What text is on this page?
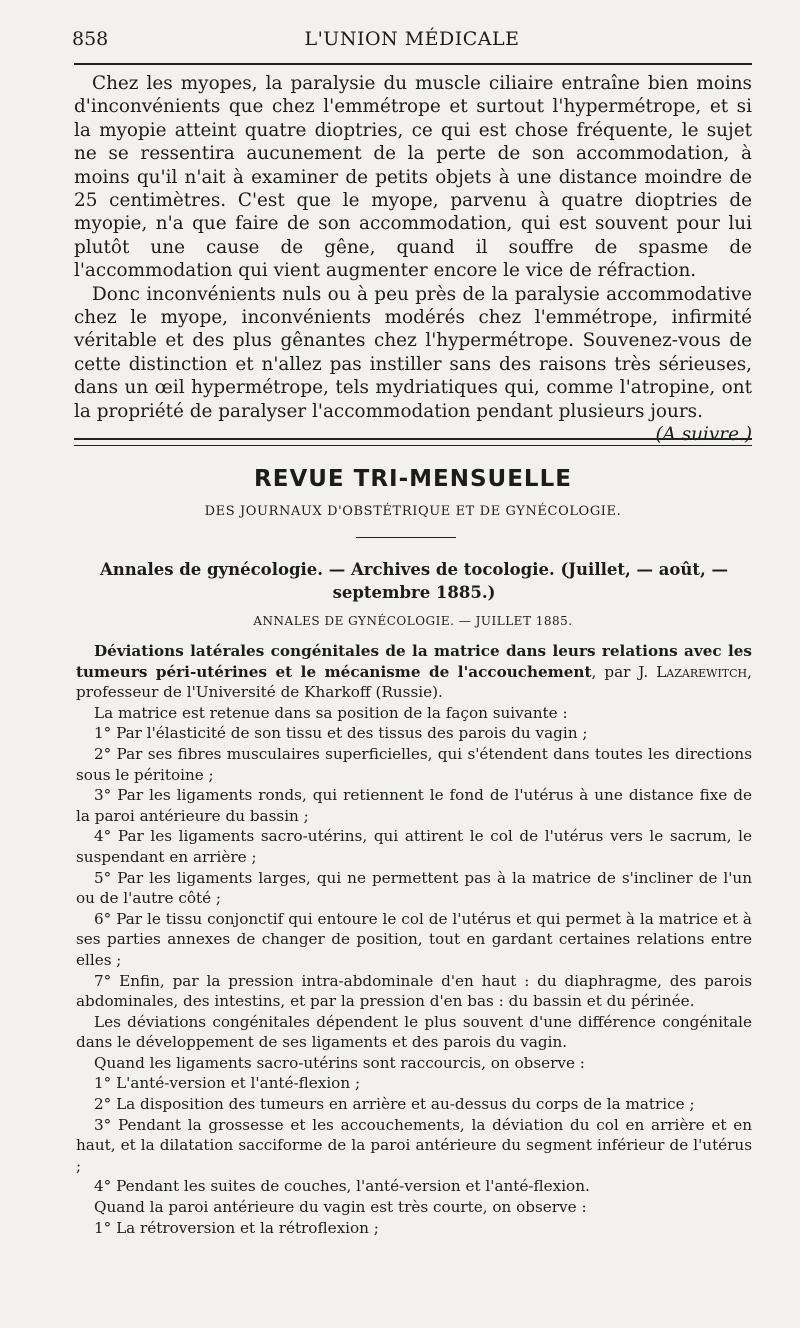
858	L'UNION MÉDICALE

Chez les myopes, la paralysie du muscle ciliaire entraîne bien moins d'inconvénients que chez l'emmétrope et surtout l'hypermétrope, et si la myopie atteint quatre dioptries, ce qui est chose fréquente, le sujet ne se ressentira aucunement de la perte de son accommodation, à moins qu'il n'ait à examiner de petits objets à une distance moindre de 25 centimètres. C'est que le myope, parvenu à quatre dioptries de myopie, n'a que faire de son accommodation, qui est souvent pour lui plutôt une cause de gêne, quand il souffre de spasme de l'accommodation qui vient augmenter encore le vice de réfraction.

Donc inconvénients nuls ou à peu près de la paralysie accommodative chez le myope, inconvénients modérés chez l'emmétrope, infirmité véritable et des plus gênantes chez l'hypermétrope. Souvenez-vous de cette distinction et n'allez pas instiller sans des raisons très sérieuses, dans un œil hypermétrope, tels mydriatiques qui, comme l'atropine, ont la propriété de paralyser l'accommodation pendant plusieurs jours.
(A suivre.)

REVUE TRI-MENSUELLE
DES JOURNAUX D'OBSTÉTRIQUE ET DE GYNÉCOLOGIE.
Annales de gynécologie. — Archives de tocologie. (Juillet, — août, — septembre 1885.)
ANNALES DE GYNÉCOLOGIE. — JUILLET 1885.

Déviations latérales congénitales de la matrice dans leurs relations avec les tumeurs péri-utérines et le mécanisme de l'accouchement, par J. Lazarewitch, professeur de l'Université de Kharkoff (Russie).

La matrice est retenue dans sa position de la façon suivante :

1° Par l'élasticité de son tissu et des tissus des parois du vagin ;

2° Par ses fibres musculaires superficielles, qui s'étendent dans toutes les directions sous le péritoine ;

3° Par les ligaments ronds, qui retiennent le fond de l'utérus à une distance fixe de la paroi antérieure du bassin ;

4° Par les ligaments sacro-utérins, qui attirent le col de l'utérus vers le sacrum, le suspendant en arrière ;

5° Par les ligaments larges, qui ne permettent pas à la matrice de s'incliner de l'un ou de l'autre côté ;

6° Par le tissu conjonctif qui entoure le col de l'utérus et qui permet à la matrice et à ses parties annexes de changer de position, tout en gardant certaines relations entre elles ;

7° Enfin, par la pression intra-abdominale d'en haut : du diaphragme, des parois abdominales, des intestins, et par la pression d'en bas : du bassin et du périnée.

Les déviations congénitales dépendent le plus souvent d'une différence congénitale dans le développement de ses ligaments et des parois du vagin.

Quand les ligaments sacro-utérins sont raccourcis, on observe :

1° L'anté-version et l'anté-flexion ;

2° La disposition des tumeurs en arrière et au-dessus du corps de la matrice ;

3° Pendant la grossesse et les accouchements, la déviation du col en arrière et en haut, et la dilatation sacciforme de la paroi antérieure du segment inférieur de l'utérus ;

4° Pendant les suites de couches, l'anté-version et l'anté-flexion.

Quand la paroi antérieure du vagin est très courte, on observe :

1° La rétroversion et la rétroflexion ;
